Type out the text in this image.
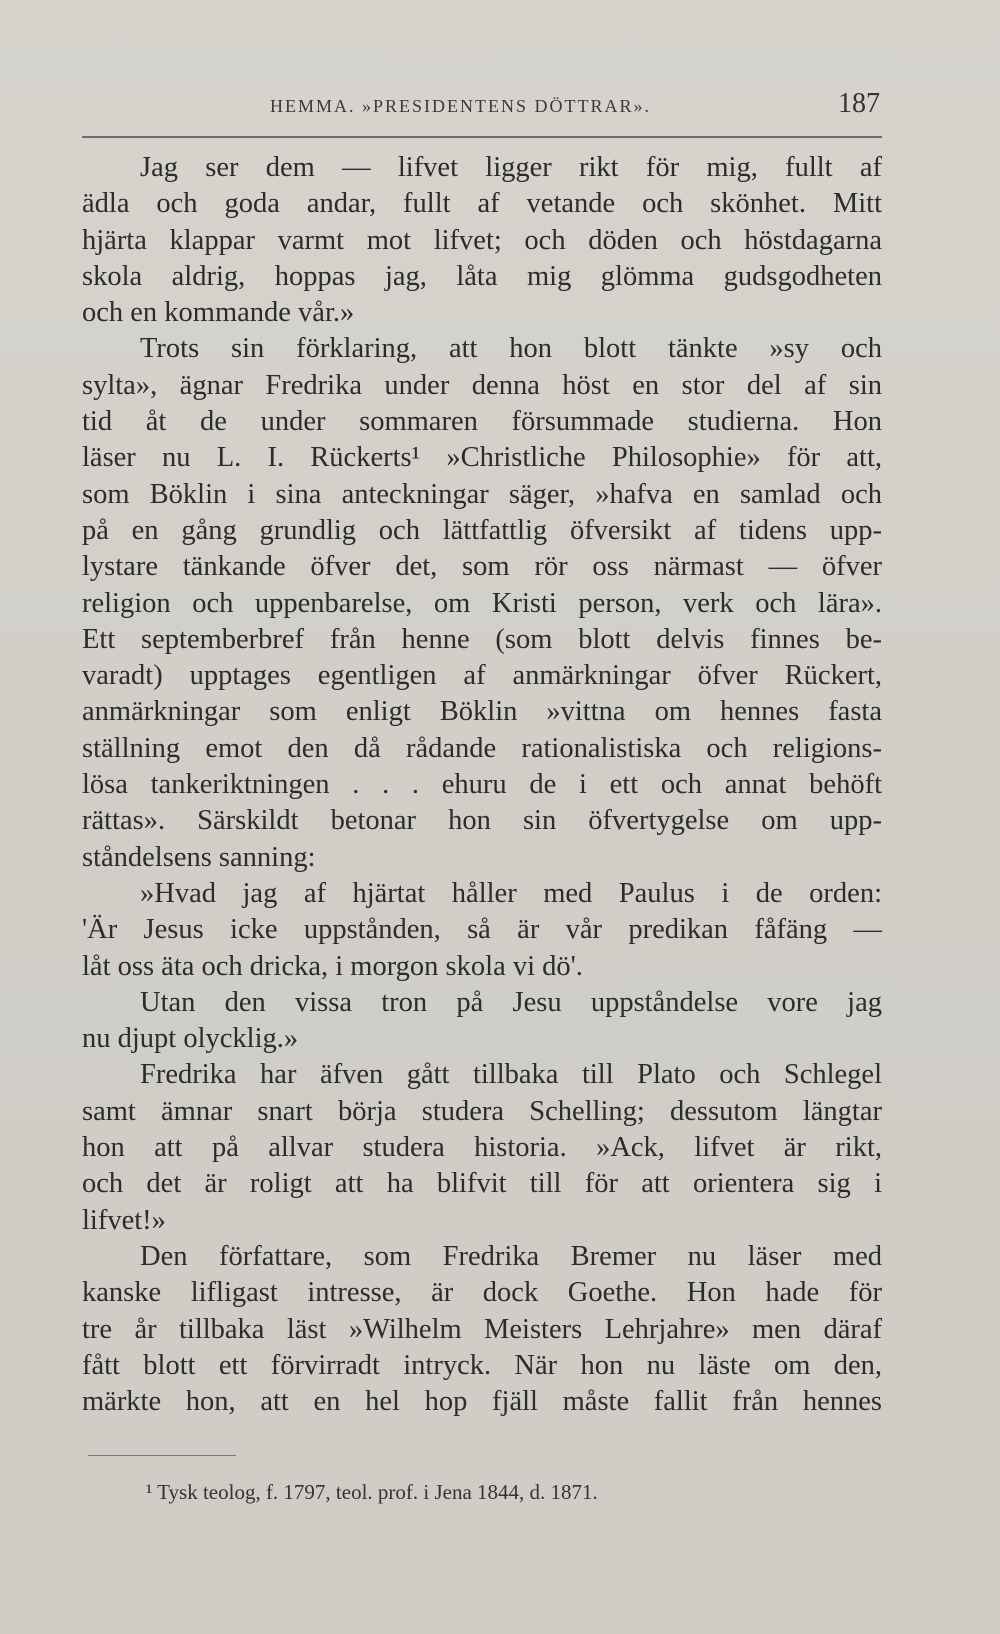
HEMMA. »PRESIDENTENS DÖTTRAR».	187
Jag ser dem — lifvet ligger rikt för mig, fullt af
ädla och goda andar, fullt af vetande och skönhet. Mitt
hjärta klappar varmt mot lifvet; och döden och höstdagarna
skola aldrig, hoppas jag, låta mig glömma gudsgodheten
och en kommande vår.»
Trots sin förklaring, att hon blott tänkte »sy och
sylta», ägnar Fredrika under denna höst en stor del af sin
tid åt de under sommaren försummade studierna. Hon
läser nu L. I. Rückerts¹ »Christliche Philosophie» för att,
som Böklin i sina anteckningar säger, »hafva en samlad och
på en gång grundlig och lättfattlig öfversikt af tidens upp-
lystare tänkande öfver det, som rör oss närmast — öfver
religion och uppenbarelse, om Kristi person, verk och lära».
Ett septemberbref från henne (som blott delvis finnes be-
varadt) upptages egentligen af anmärkningar öfver Rückert,
anmärkningar som enligt Böklin »vittna om hennes fasta
ställning emot den då rådande rationalistiska och religions-
lösa tankeriktningen . . . ehuru de i ett och annat behöft
rättas». Särskildt betonar hon sin öfvertygelse om upp-
ståndelsens sanning:
»Hvad jag af hjärtat håller med Paulus i de orden:
'Är Jesus icke uppstånden, så är vår predikan fåfäng —
låt oss äta och dricka, i morgon skola vi dö'.
Utan den vissa tron på Jesu uppståndelse vore jag
nu djupt olycklig.»
Fredrika har äfven gått tillbaka till Plato och Schlegel
samt ämnar snart börja studera Schelling; dessutom längtar
hon att på allvar studera historia. »Ack, lifvet är rikt,
och det är roligt att ha blifvit till för att orientera sig i
lifvet!»
Den författare, som Fredrika Bremer nu läser med
kanske lifligast intresse, är dock Goethe. Hon hade för
tre år tillbaka läst »Wilhelm Meisters Lehrjahre» men däraf
fått blott ett förvirradt intryck. När hon nu läste om den,
märkte hon, att en hel hop fjäll måste fallit från hennes
¹ Tysk teolog, f. 1797, teol. prof. i Jena 1844, d. 1871.
